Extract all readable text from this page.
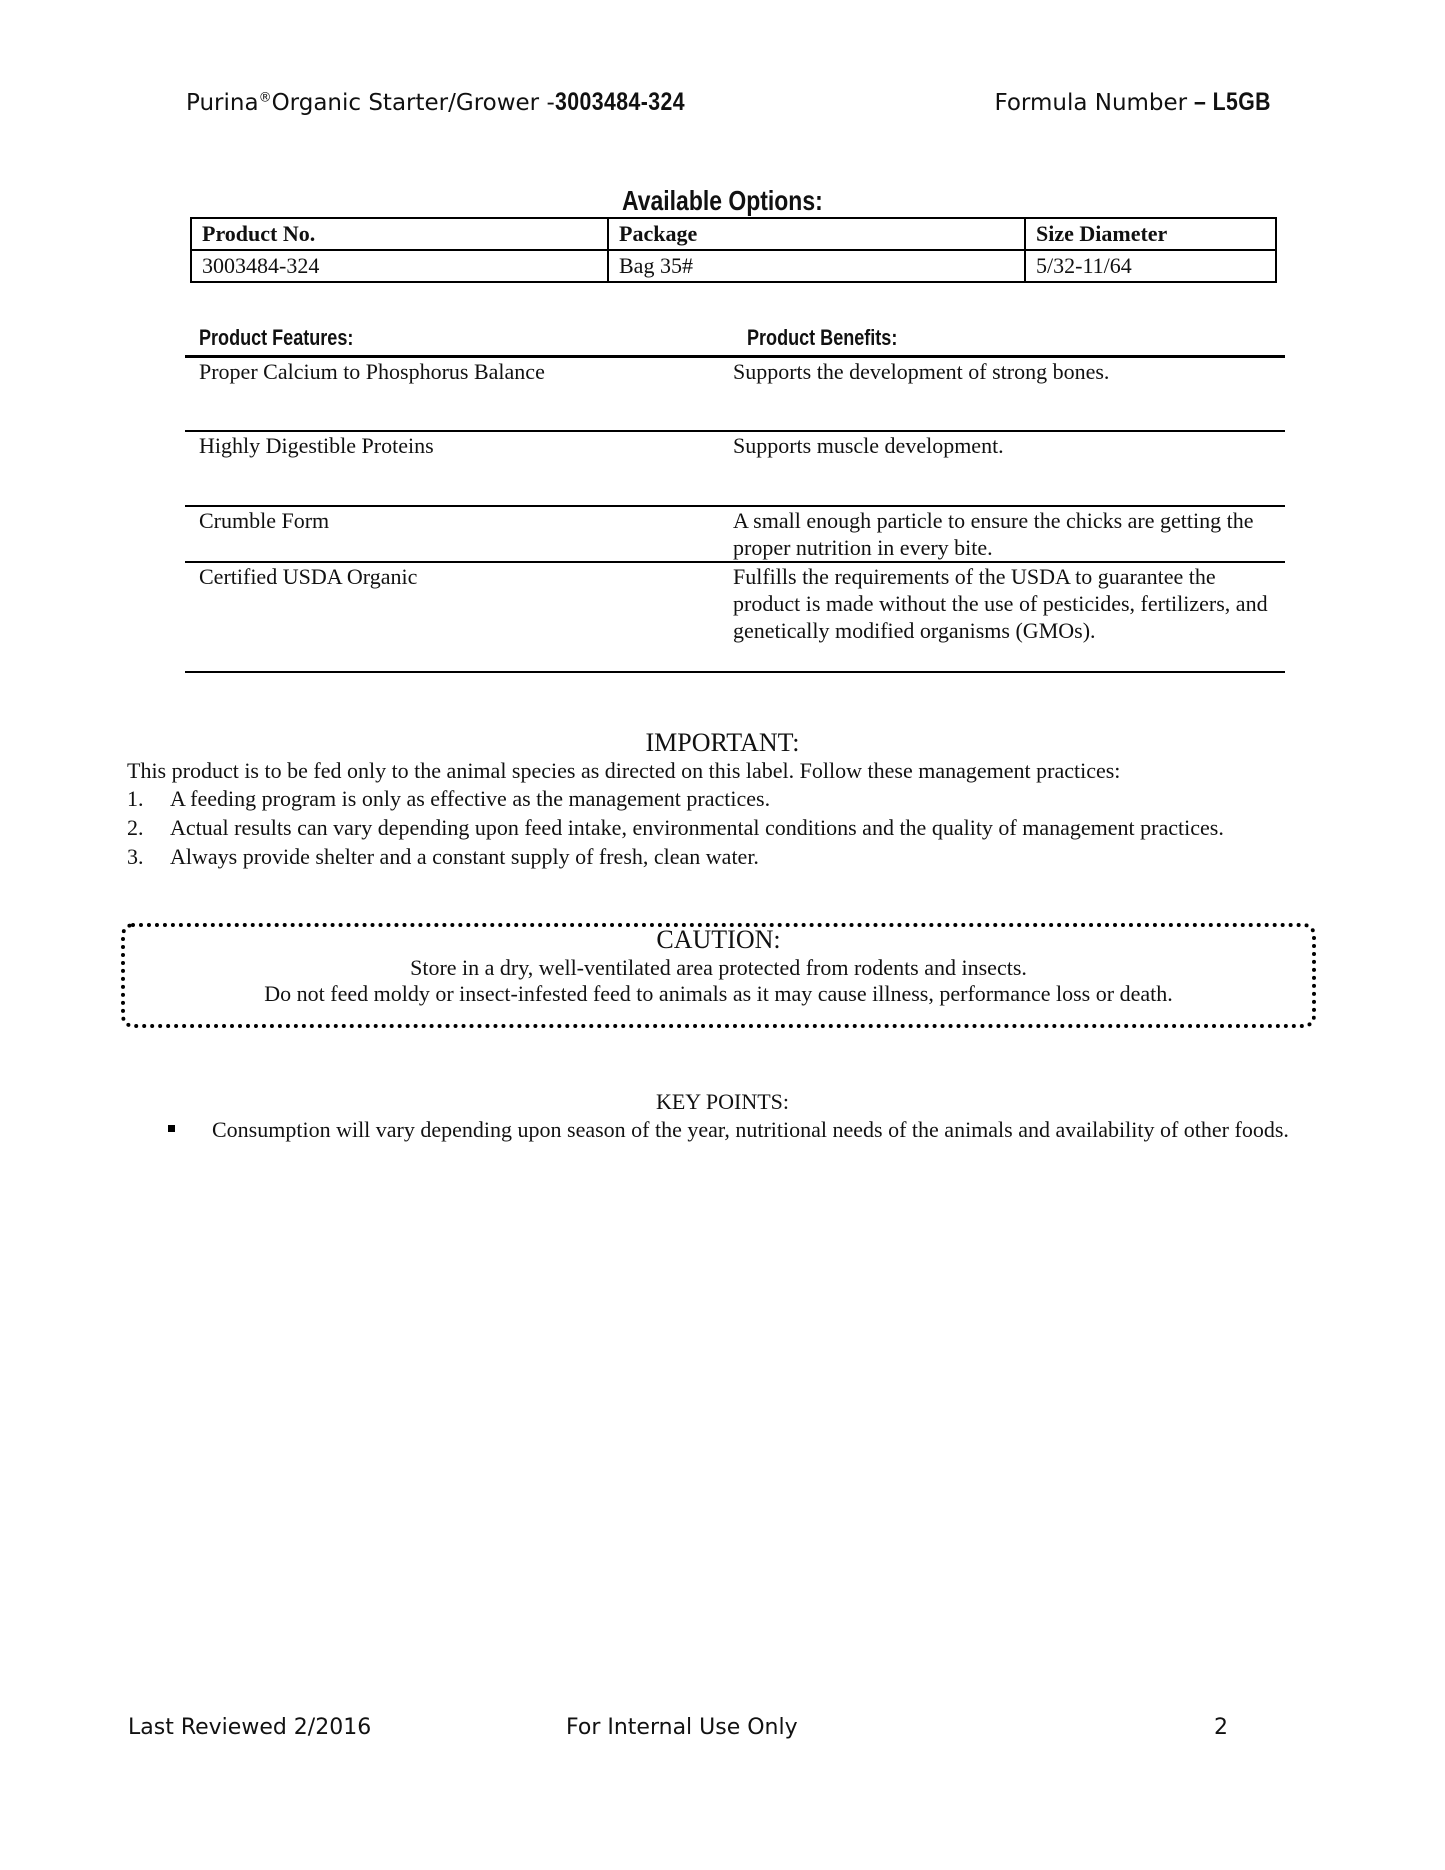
Purina®Organic Starter/Grower -3003484-324	Formula Number – L5GB
Available Options:
Product No.	Package	Size Diameter
3003484-324	Bag 35#	5/32-11/64
Product Features:	Product Benefits:
Proper Calcium to Phosphorus Balance	Supports the development of strong bones.
Highly Digestible Proteins	Supports muscle development.
Crumble Form	A small enough particle to ensure the chicks are getting the proper nutrition in every bite.
Certified USDA Organic	Fulfills the requirements of the USDA to guarantee the product is made without the use of pesticides, fertilizers, and genetically modified organisms (GMOs).
IMPORTANT:
This product is to be fed only to the animal species as directed on this label. Follow these management practices:
1. A feeding program is only as effective as the management practices.
2. Actual results can vary depending upon feed intake, environmental conditions and the quality of management practices.
3. Always provide shelter and a constant supply of fresh, clean water.
CAUTION:
Store in a dry, well-ventilated area protected from rodents and insects.
Do not feed moldy or insect-infested feed to animals as it may cause illness, performance loss or death.
KEY POINTS:
Consumption will vary depending upon season of the year, nutritional needs of the animals and availability of other foods.
Last Reviewed 2/2016	For Internal Use Only	2
